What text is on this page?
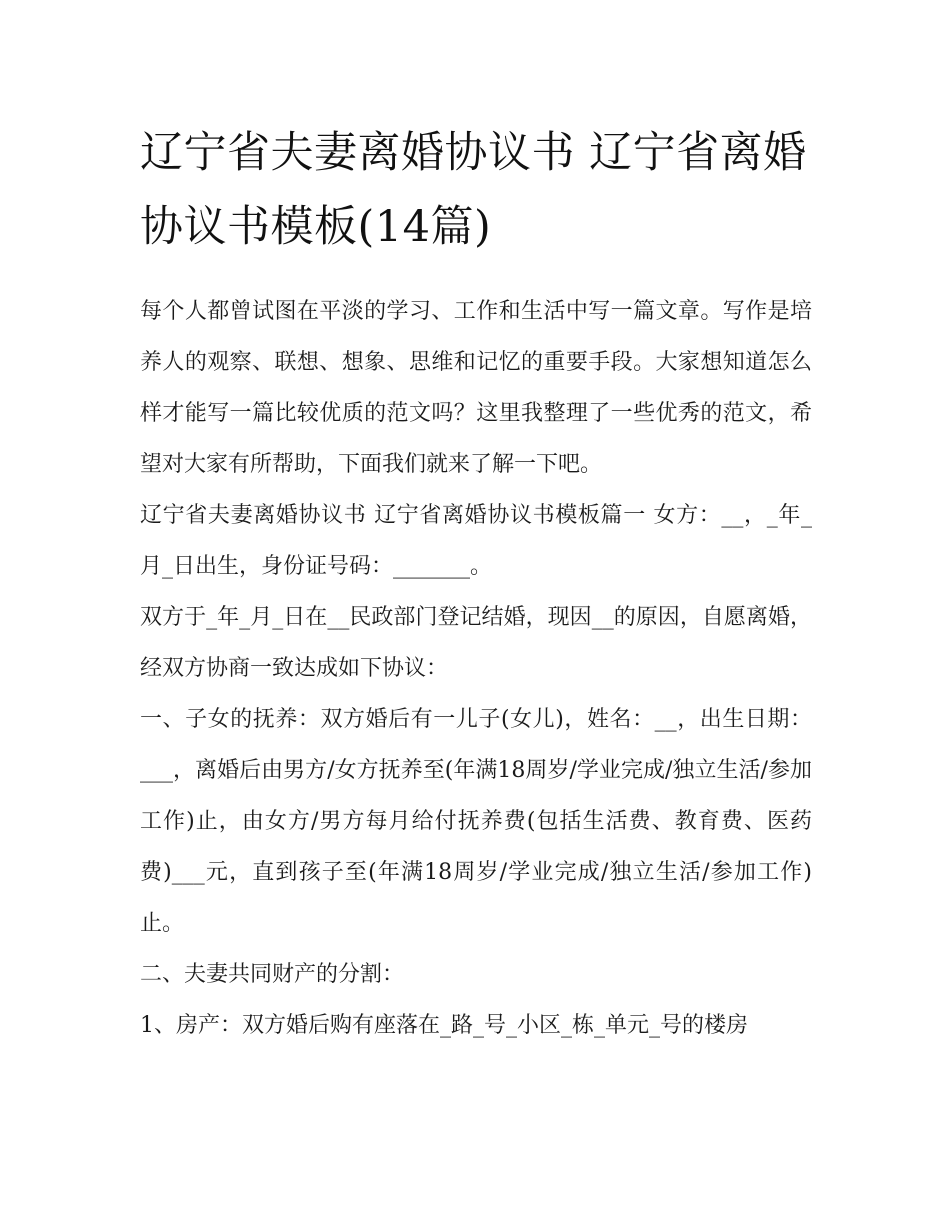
辽宁省夫妻离婚协议书 辽宁省离婚协议书模板(14篇)

每个人都曾试图在平淡的学习、工作和生活中写一篇文章。写作是培养人的观察、联想、想象、思维和记忆的重要手段。大家想知道怎么样才能写一篇比较优质的范文吗？这里我整理了一些优秀的范文，希望对大家有所帮助，下面我们就来了解一下吧。

辽宁省夫妻离婚协议书 辽宁省离婚协议书模板篇一 女方：__，_年_月_日出生，身份证号码：_______。

双方于_年_月_日在__民政部门登记结婚，现因__的原因，自愿离婚，经双方协商一致达成如下协议：

一、子女的抚养：双方婚后有一儿子(女儿)，姓名：__，出生日期：___，离婚后由男方/女方抚养至(年满18周岁/学业完成/独立生活/参加工作)止，由女方/男方每月给付抚养费(包括生活费、教育费、医药费)___元，直到孩子至(年满18周岁/学业完成/独立生活/参加工作)止。

二、夫妻共同财产的分割：

1、房产：双方婚后购有座落在_路_号_小区_栋_单元_号的楼房
